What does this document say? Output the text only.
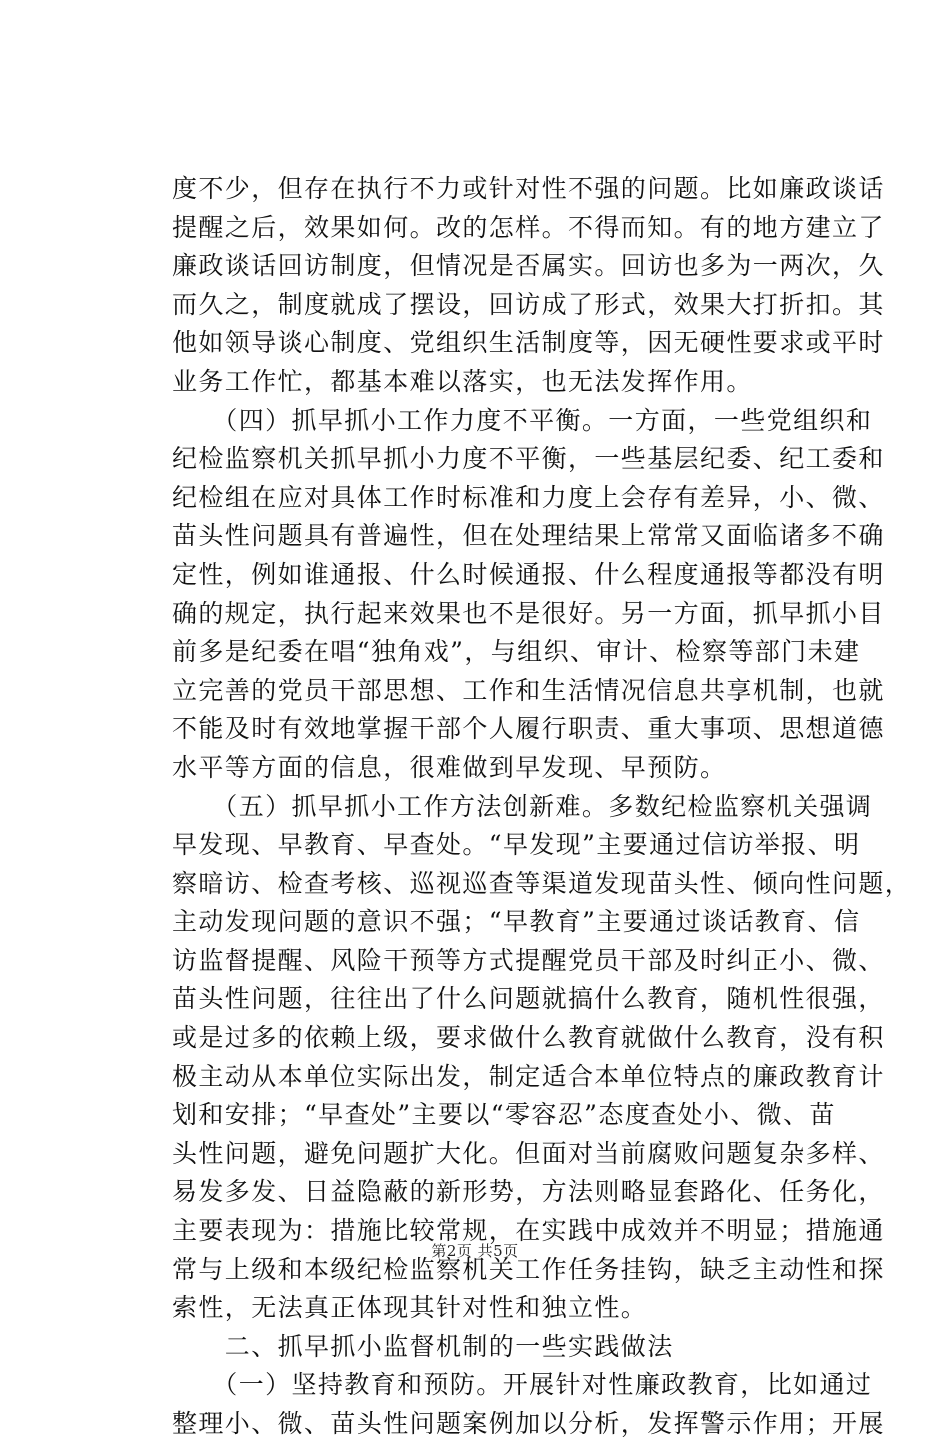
度不少，但存在执行不力或针对性不强的问题。比如廉政谈话
提醒之后，效果如何。改的怎样。不得而知。有的地方建立了
廉政谈话回访制度，但情况是否属实。回访也多为一两次，久
而久之，制度就成了摆设，回访成了形式，效果大打折扣。其
他如领导谈心制度、党组织生活制度等，因无硬性要求或平时
业务工作忙，都基本难以落实，也无法发挥作用。
　　（四）抓早抓小工作力度不平衡。一方面，一些党组织和
纪检监察机关抓早抓小力度不平衡，一些基层纪委、纪工委和
纪检组在应对具体工作时标准和力度上会存有差异，小、微、
苗头性问题具有普遍性，但在处理结果上常常又面临诸多不确
定性，例如谁通报、什么时候通报、什么程度通报等都没有明
确的规定，执行起来效果也不是很好。另一方面，抓早抓小目
前多是纪委在唱“独角戏”，与组织、审计、检察等部门未建
立完善的党员干部思想、工作和生活情况信息共享机制，也就
不能及时有效地掌握干部个人履行职责、重大事项、思想道德
水平等方面的信息，很难做到早发现、早预防。
　　（五）抓早抓小工作方法创新难。多数纪检监察机关强调
早发现、早教育、早查处。“早发现”主要通过信访举报、明
察暗访、检查考核、巡视巡查等渠道发现苗头性、倾向性问题，
主动发现问题的意识不强；“早教育”主要通过谈话教育、信
访监督提醒、风险干预等方式提醒党员干部及时纠正小、微、
苗头性问题，往往出了什么问题就搞什么教育，随机性很强，
或是过多的依赖上级，要求做什么教育就做什么教育，没有积
极主动从本单位实际出发，制定适合本单位特点的廉政教育计
划和安排；“早查处”主要以“零容忍”态度查处小、微、苗
头性问题，避免问题扩大化。但面对当前腐败问题复杂多样、
易发多发、日益隐蔽的新形势，方法则略显套路化、任务化，
主要表现为：措施比较常规，在实践中成效并不明显；措施通
常与上级和本级纪检监察机关工作任务挂钩，缺乏主动性和探
索性，无法真正体现其针对性和独立性。
　　二、抓早抓小监督机制的一些实践做法
　　（一）坚持教育和预防。开展针对性廉政教育，比如通过
整理小、微、苗头性问题案例加以分析，发挥警示作用；开展
第2页 共5页
